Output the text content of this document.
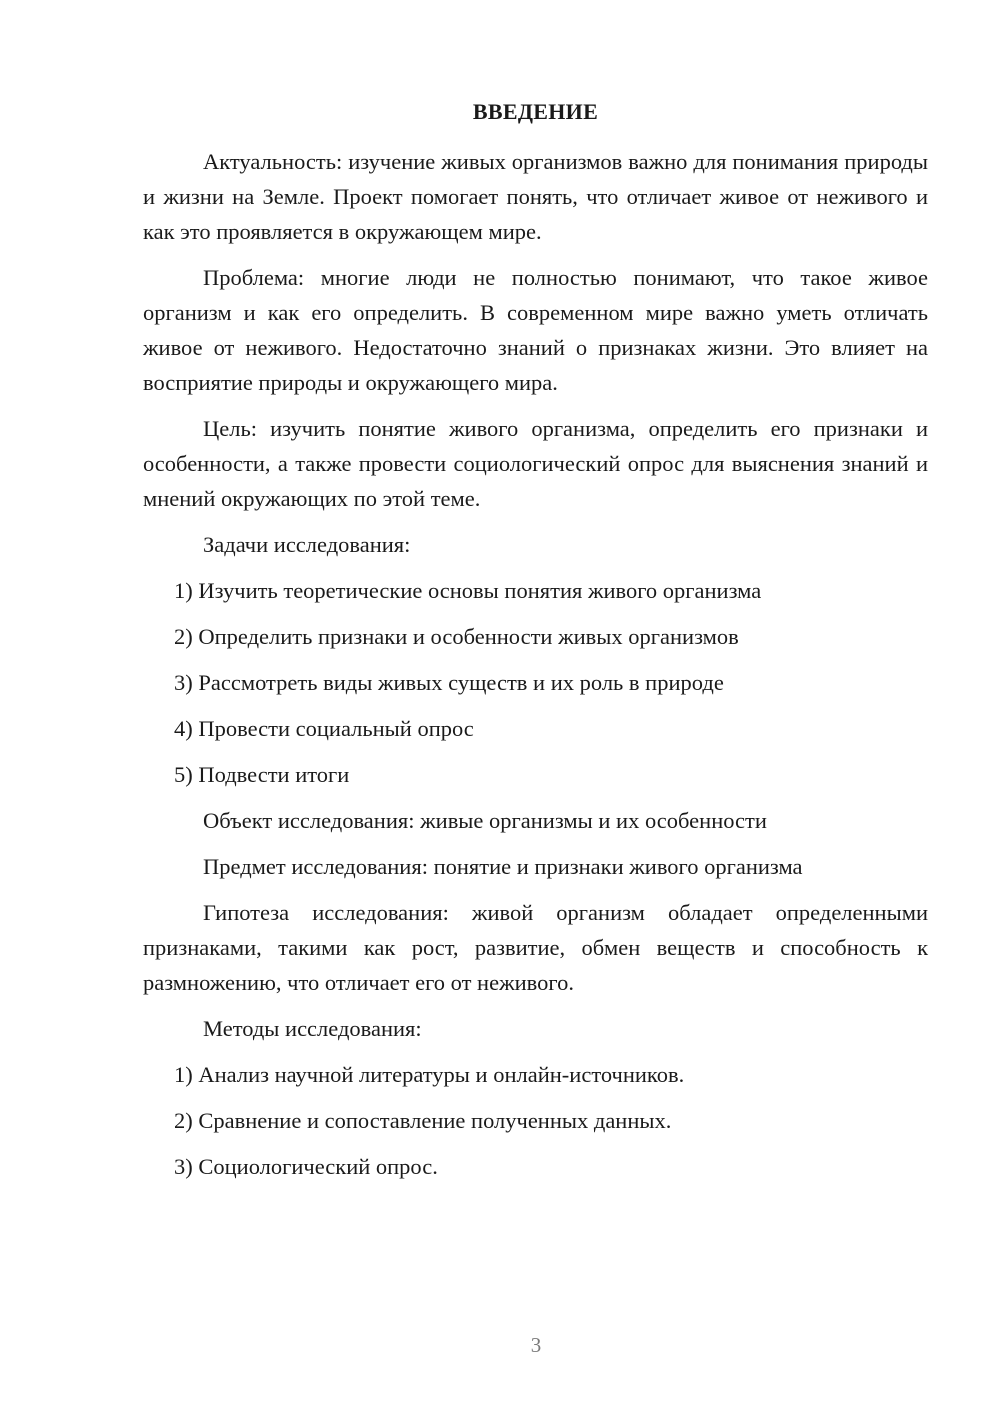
ВВЕДЕНИЕ

Актуальность: изучение живых организмов важно для понимания природы и жизни на Земле. Проект помогает понять, что отличает живое от неживого и как это проявляется в окружающем мире.

Проблема: многие люди не полностью понимают, что такое живое организм и как его определить. В современном мире важно уметь отличать живое от неживого. Недостаточно знаний о признаках жизни. Это влияет на восприятие природы и окружающего мира.

Цель: изучить понятие живого организма, определить его признаки и особенности, а также провести социологический опрос для выяснения знаний и мнений окружающих по этой теме.

Задачи исследования:
1) Изучить теоретические основы понятия живого организма
2) Определить признаки и особенности живых организмов
3) Рассмотреть виды живых существ и их роль в природе
4) Провести социальный опрос
5) Подвести итоги
Объект исследования: живые организмы и их особенности
Предмет исследования: понятие и признаки живого организма

Гипотеза исследования: живой организм обладает определенными признаками, такими как рост, развитие, обмен веществ и способность к размножению, что отличает его от неживого.

Методы исследования:
1) Анализ научной литературы и онлайн-источников.
2) Сравнение и сопоставление полученных данных.
3) Социологический опрос.
3
